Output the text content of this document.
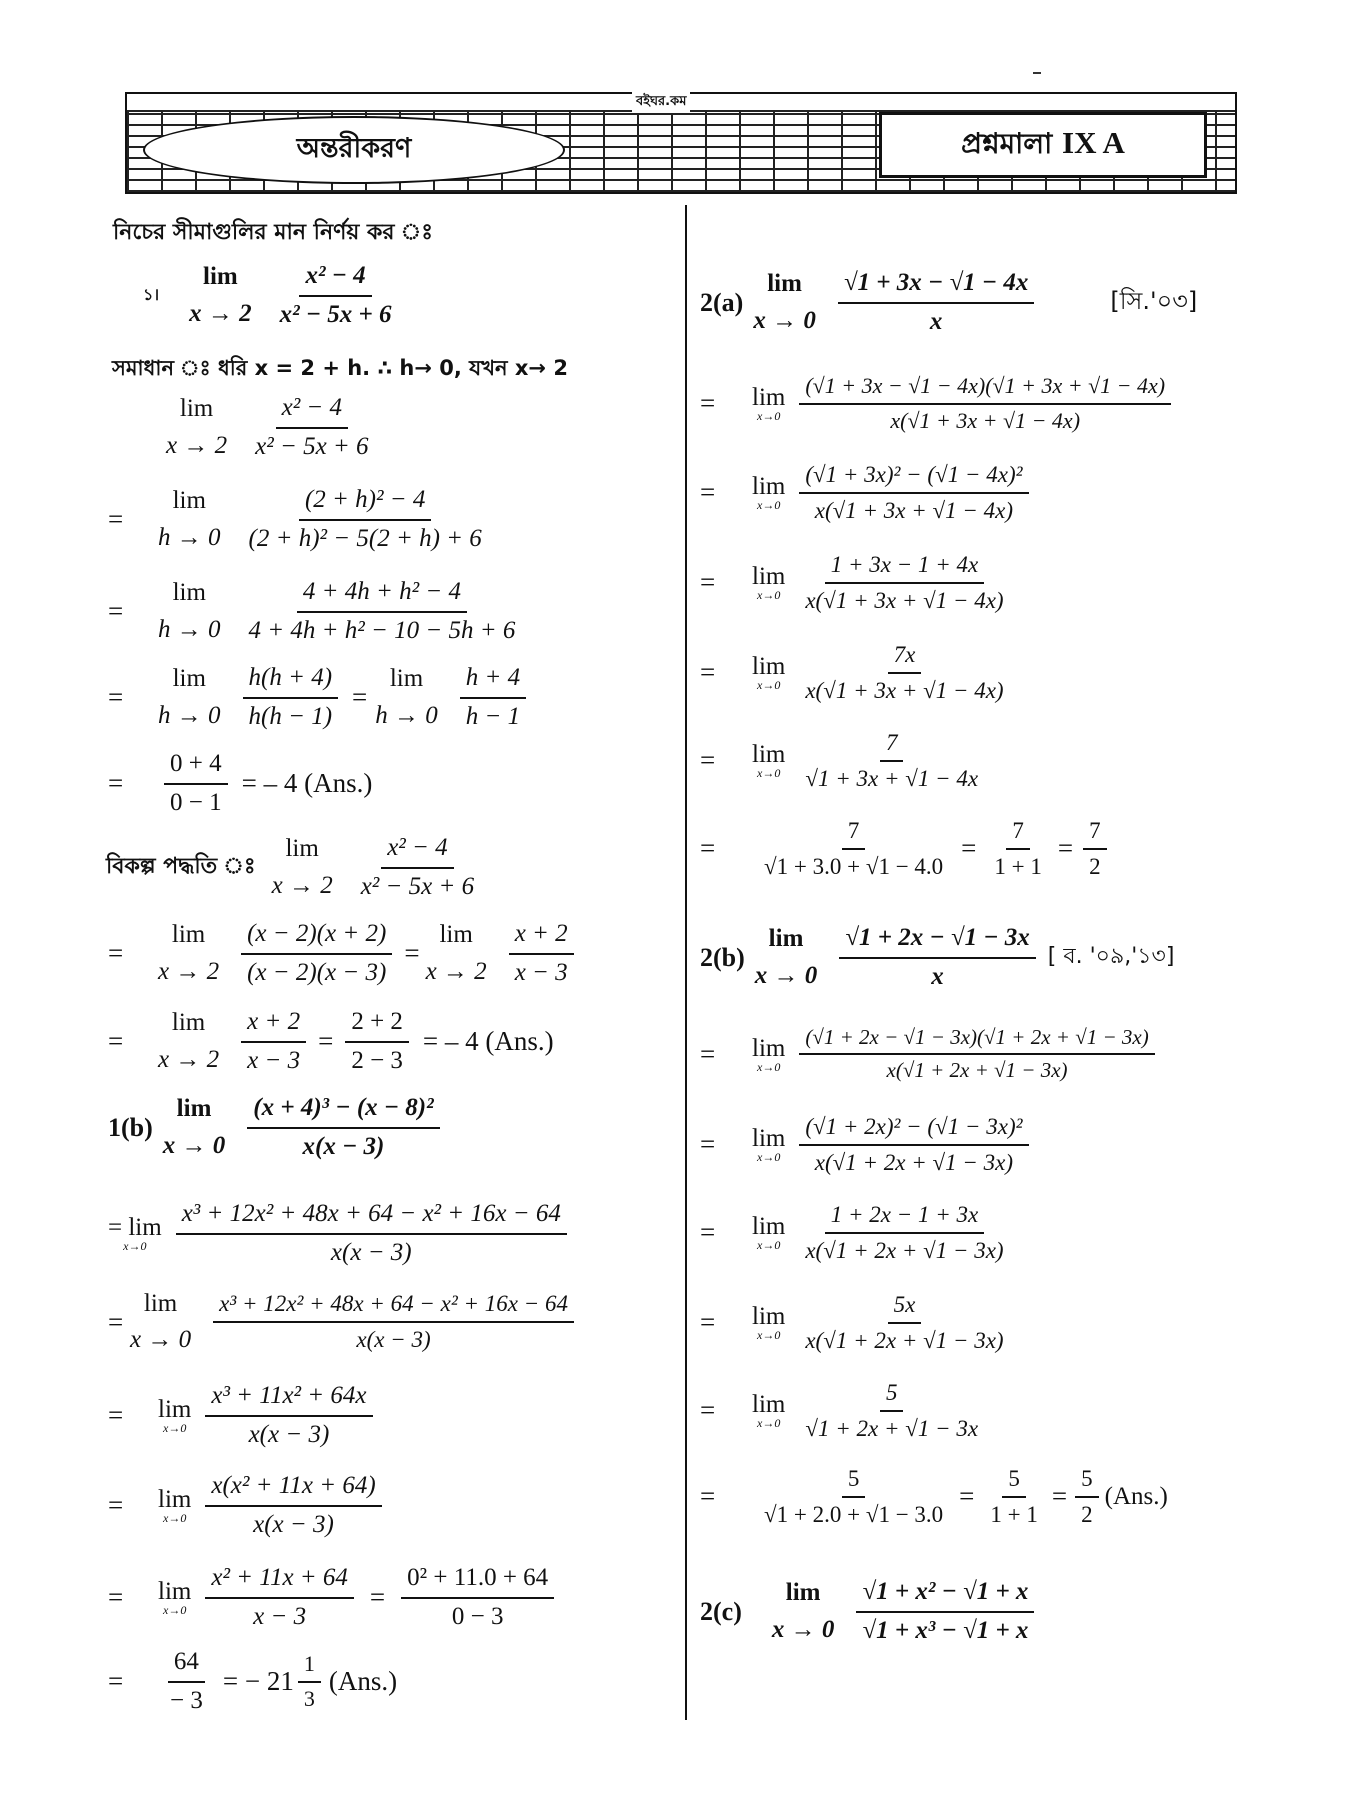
বইঘর.কম
অন্তরীকরণ	প্রশ্নমালা IX A
নিচের সীমাগুলির মান নির্ণয় কর ঃ
১।
lim
x → 2
x² − 4
x² − 5x + 6
সমাধান ঃ ধরি x = 2 + h. ∴ h→ 0, যখন x→ 2
lim
x → 2
x² − 4
x² − 5x + 6
=
lim
h → 0
(2 + h)² − 4
(2 + h)² − 5(2 + h) + 6
=
lim
h → 0
4 + 4h + h² − 4
4 + 4h + h² − 10 − 5h + 6
=
lim
$h \to 0 \frac{h(h + 4)}{h(h - 1)}$ =
lim
h → 0
h + 4
h − 1
=	$\frac{0 + 4}{0 - 1}$ = – 4 (Ans.)
বিকল্প পদ্ধতি ঃ
lim
x → 2
x² − 4
x² − 5x + 6
=
lim
$x \to 2 \frac{(x - 2)(x + 2)}{(x - 2)(x - 3)}$ =
lim
x → 2
x + 2
x − 3
=
lim
$x \to 2 \frac{x + 2}{x - 3} = \frac{2 + 2}{2 - 3}$ = – 4 (Ans.)
1(b)
lim
x → 0
(x + 4)³ − (x − 8)²
x(x − 3)
= lim
x→0
x³ + 12x² + 48x + 64 − x² + 16x − 64
x(x − 3)
=
lim
x → 0
x³ + 12x² + 48x + 64 − x² + 16x − 64
x(x − 3)
=	lim
x→0
x³ + 11x² + 64x
x(x − 3)
=	lim
x→0
x(x² + 11x + 64)
x(x − 3)
=	lim
$x\to 0 \frac{\text{x² + 11x + 64}}{x - 3} = \frac{\text{0² + 11.0 + 64}}{0 - 3}$
=	$\frac{64}{- 3}$ = − 21
1
3
(Ans.)
2(a)
lim
x → 0
√1 + 3x − √1 − 4x
x
[সি.'০৩]
=	lim
x→0
(√1 + 3x − √1 − 4x)(√1 + 3x + √1 − 4x)
x(√1 + 3x + √1 − 4x)
=	lim
x→0
(√1 + 3x)² − (√1 − 4x)²
x(√1 + 3x + √1 − 4x)
=	lim
x→0
1 + 3x − 1 + 4x
x(√1 + 3x + √1 − 4x)
=	lim
x→0
7x
x(√1 + 3x + √1 − 4x)
=	lim
x→0
7
√1 + 3x + √1 − 4x
=	$\frac{7}{√1 + 3.0 + √1 - 4.0} = \frac{7}{1 + 1} = \frac{7}{2}$
2(b)
lim
x → 0
√1 + 2x − √1 − 3x
x
[ ব. '০৯,'১৩]
=	lim
x→0
(√1 + 2x − √1 − 3x)(√1 + 2x + √1 − 3x)
x(√1 + 2x + √1 − 3x)
=	lim
x→0
(√1 + 2x)² − (√1 − 3x)²
x(√1 + 2x + √1 − 3x)
=	lim
x→0
1 + 2x − 1 + 3x
x(√1 + 2x + √1 − 3x)
=	lim
x→0
5x
x(√1 + 2x + √1 − 3x)
=	lim
x→0
5
√1 + 2x + √1 − 3x
=	$\frac{5}{√1 + 2.0 + √1 - 3.0} = \frac{5}{1 + 1} = \frac{5}{2} (Ans.)$
2(c)
lim
x → 0
√1 + x² − √1 + x
√1 + x³ − √1 + x
